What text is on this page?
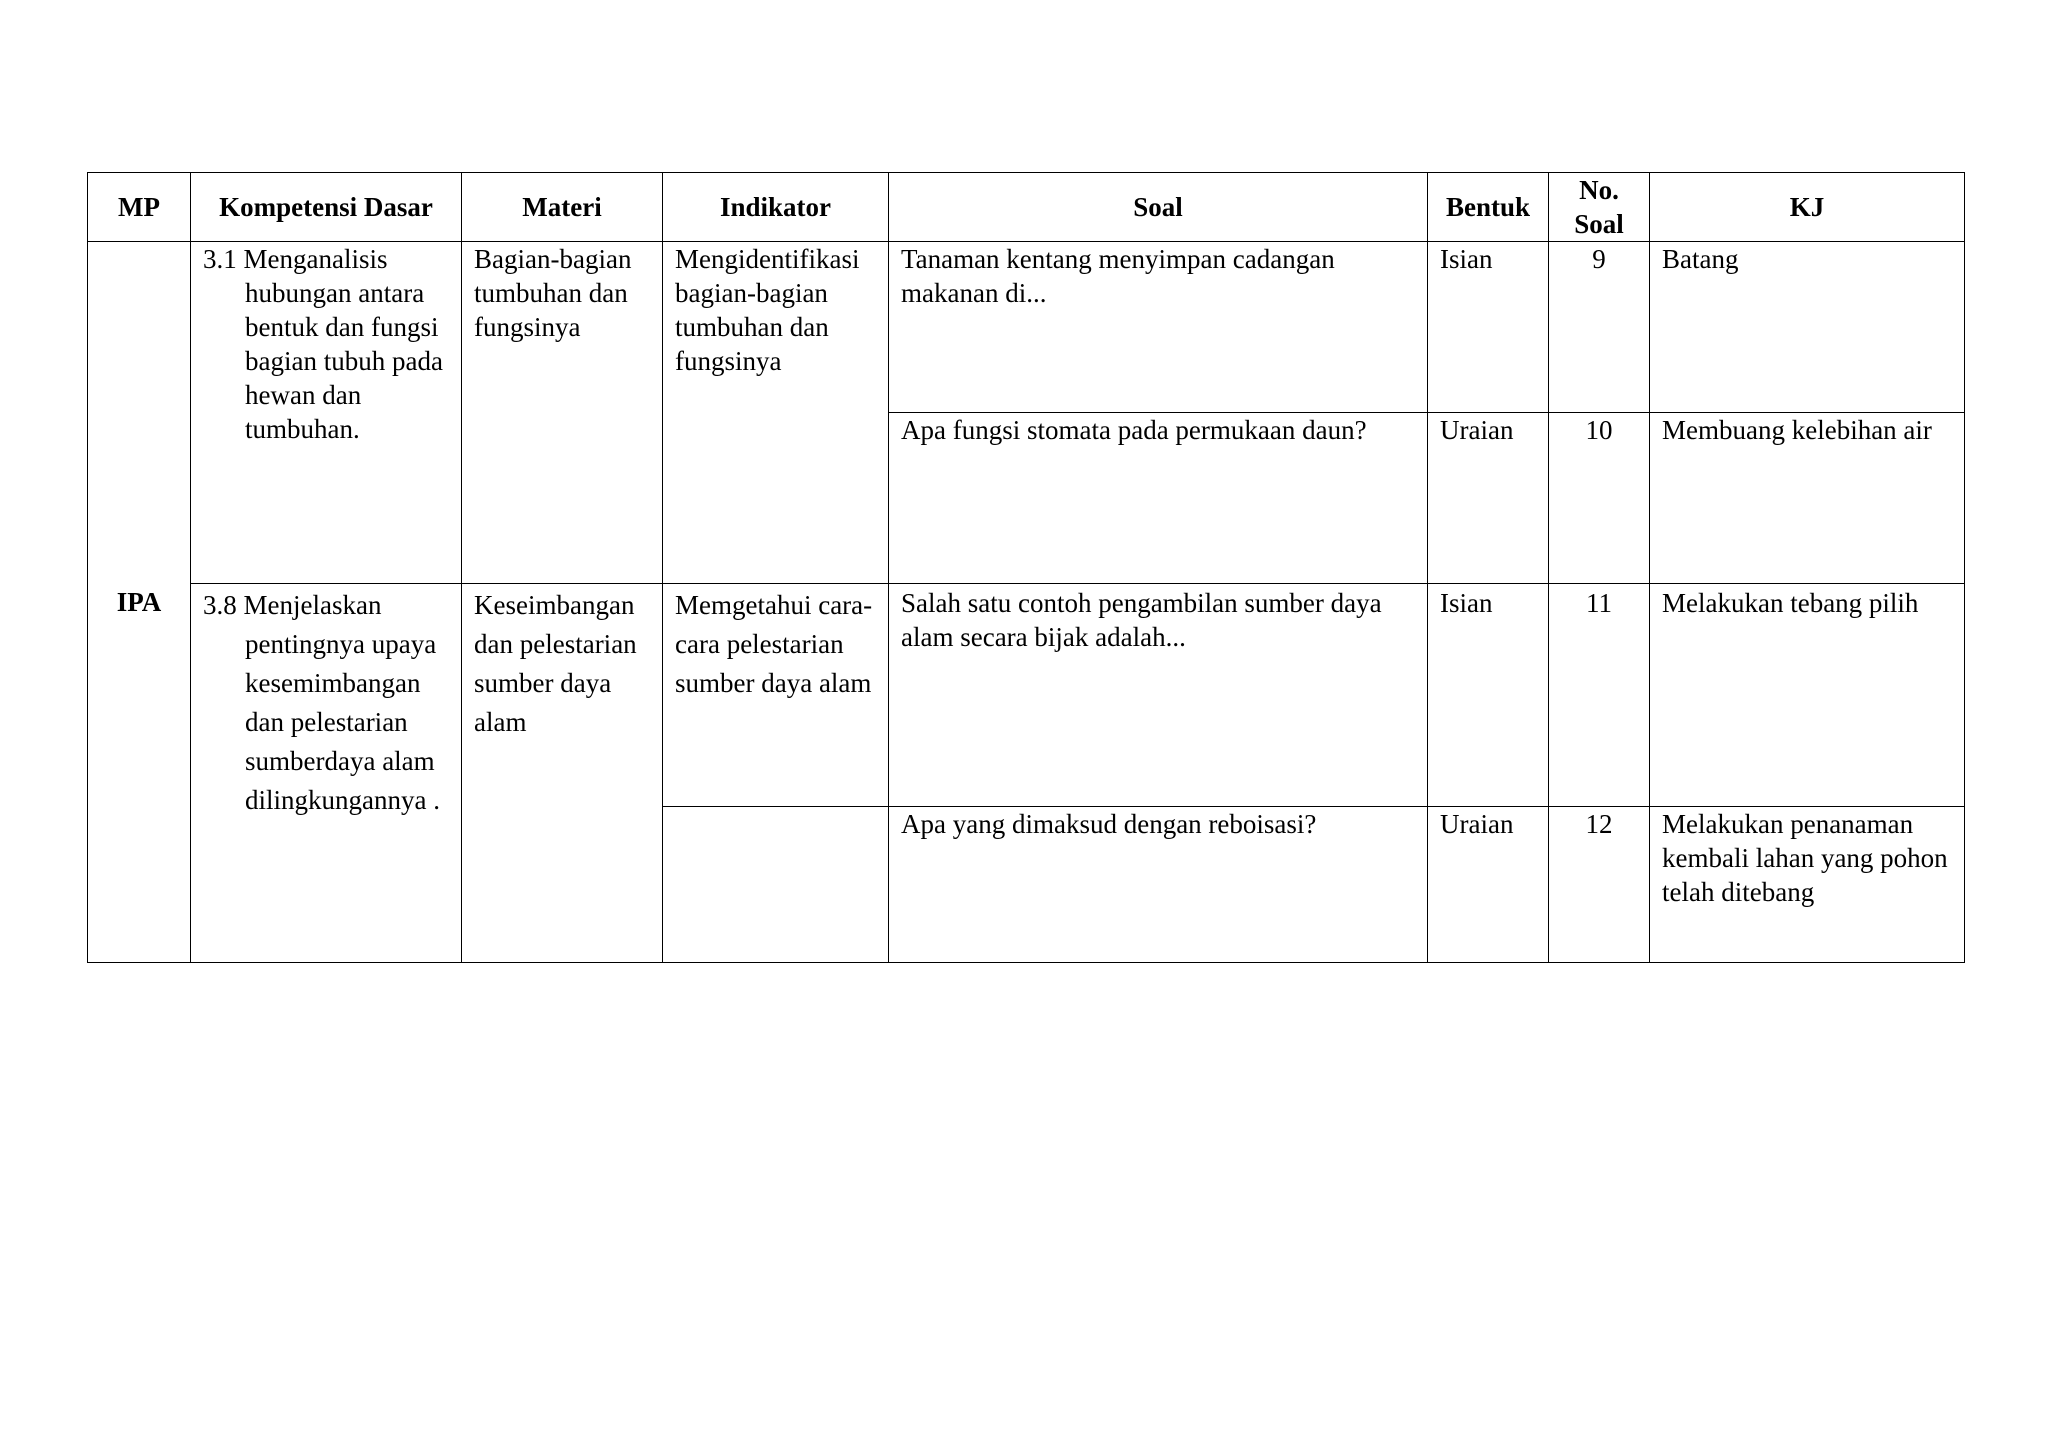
MP	Kompetensi Dasar	Materi	Indikator	Soal	Bentuk	No. Soal	KJ
IPA	3.1 Menganalisis hubungan antara bentuk dan fungsi bagian tubuh pada hewan dan tumbuhan.	Bagian-bagian tumbuhan dan fungsinya	Mengidentifikasi bagian-bagian tumbuhan dan fungsinya	Tanaman kentang menyimpan cadangan makanan di...	Isian	9	Batang
				Apa fungsi stomata pada permukaan daun?	Uraian	10	Membuang kelebihan air

	3.8 Menjelaskan pentingnya upaya kesemimbangan dan pelestarian sumberdaya alam dilingkungannya .	Keseimbangan dan pelestarian sumber daya alam	Memgetahui cara-cara pelestarian sumber daya alam	Salah satu contoh pengambilan sumber daya alam secara bijak adalah...	Isian	11	Melakukan tebang pilih
				Apa yang dimaksud dengan reboisasi?	Uraian	12	Melakukan penanaman kembali lahan yang pohon telah ditebang
